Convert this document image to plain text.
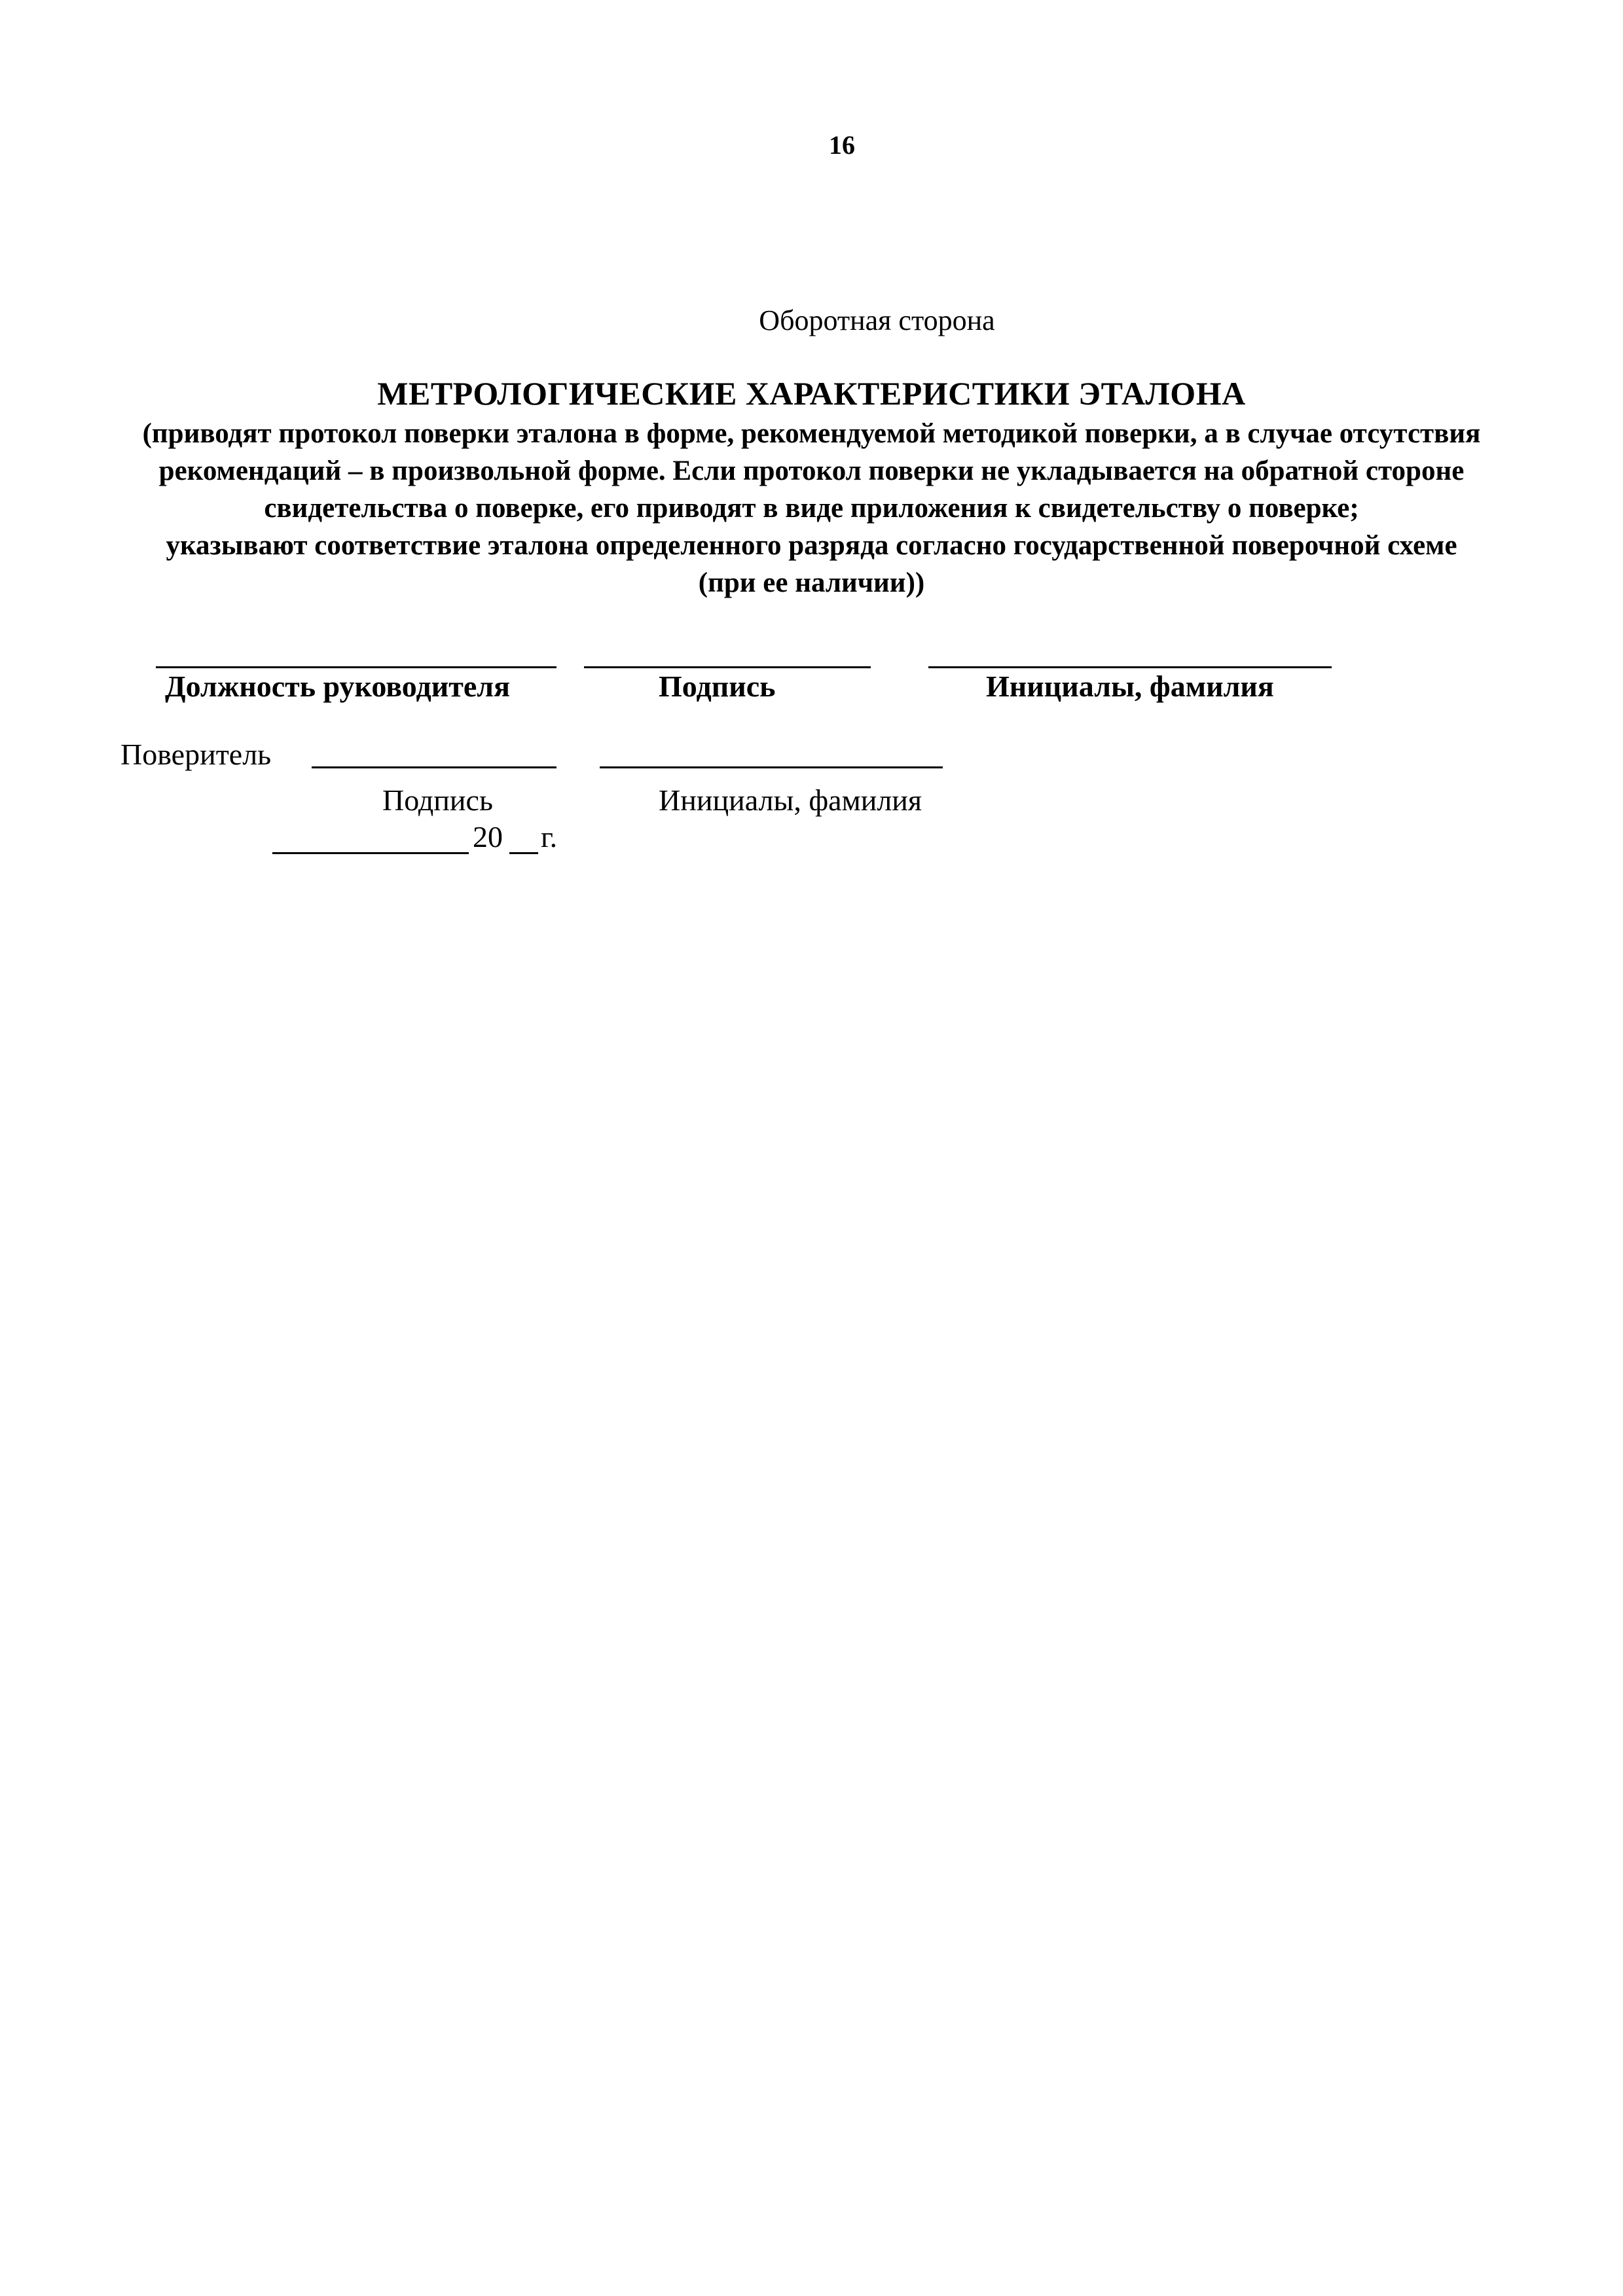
16
Оборотная сторона
МЕТРОЛОГИЧЕСКИЕ ХАРАКТЕРИСТИКИ ЭТАЛОНА
(приводят протокол поверки эталона в форме, рекомендуемой методикой поверки, а в случае отсутствия
рекомендаций – в произвольной форме. Если протокол поверки не укладывается на обратной стороне
свидетельства о поверке, его приводят в виде приложения к свидетельству о поверке;
указывают соответствие эталона определенного разряда согласно государственной поверочной схеме
(при ее наличии))
Должность руководителя	Подпись	Инициалы, фамилия
Поверитель
Подпись	Инициалы, фамилия
20 г.
